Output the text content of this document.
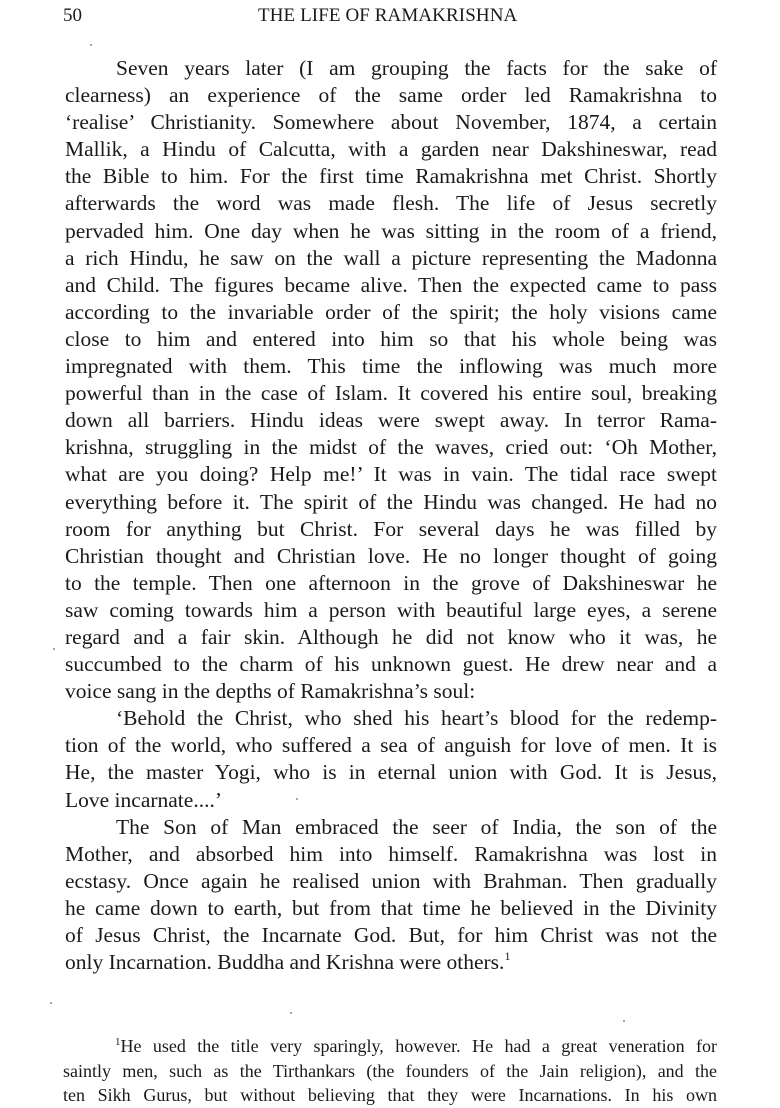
50	THE LIFE OF RAMAKRISHNA
Seven years later (I am grouping the facts for the sake of
clearness) an experience of the same order led Ramakrishna to
‘realise’ Christianity. Somewhere about November, 1874, a certain
Mallik, a Hindu of Calcutta, with a garden near Dakshineswar, read
the Bible to him. For the first time Ramakrishna met Christ. Shortly
afterwards the word was made flesh. The life of Jesus secretly
pervaded him. One day when he was sitting in the room of a friend,
a rich Hindu, he saw on the wall a picture representing the Madonna
and Child. The figures became alive. Then the expected came to pass
according to the invariable order of the spirit; the holy visions came
close to him and entered into him so that his whole being was
impregnated with them. This time the inflowing was much more
powerful than in the case of Islam. It covered his entire soul, breaking
down all barriers. Hindu ideas were swept away. In terror Rama-
krishna, struggling in the midst of the waves, cried out: ‘Oh Mother,
what are you doing? Help me!’ It was in vain. The tidal race swept
everything before it. The spirit of the Hindu was changed. He had no
room for anything but Christ. For several days he was filled by
Christian thought and Christian love. He no longer thought of going
to the temple. Then one afternoon in the grove of Dakshineswar he
saw coming towards him a person with beautiful large eyes, a serene
regard and a fair skin. Although he did not know who it was, he
succumbed to the charm of his unknown guest. He drew near and a
voice sang in the depths of Ramakrishna’s soul:
‘Behold the Christ, who shed his heart’s blood for the redemp-
tion of the world, who suffered a sea of anguish for love of men. It is
He, the master Yogi, who is in eternal union with God. It is Jesus,
Love incarnate....’
The Son of Man embraced the seer of India, the son of the
Mother, and absorbed him into himself. Ramakrishna was lost in
ecstasy. Once again he realised union with Brahman. Then gradually
he came down to earth, but from that time he believed in the Divinity
of Jesus Christ, the Incarnate God. But, for him Christ was not the
only Incarnation. Buddha and Krishna were others.$^1$
$^1$He used the title very sparingly, however. He had a great veneration for
saintly men, such as the Tirthankars (the founders of the Jain religion), and the
ten Sikh Gurus, but without believing that they were Incarnations. In his own
